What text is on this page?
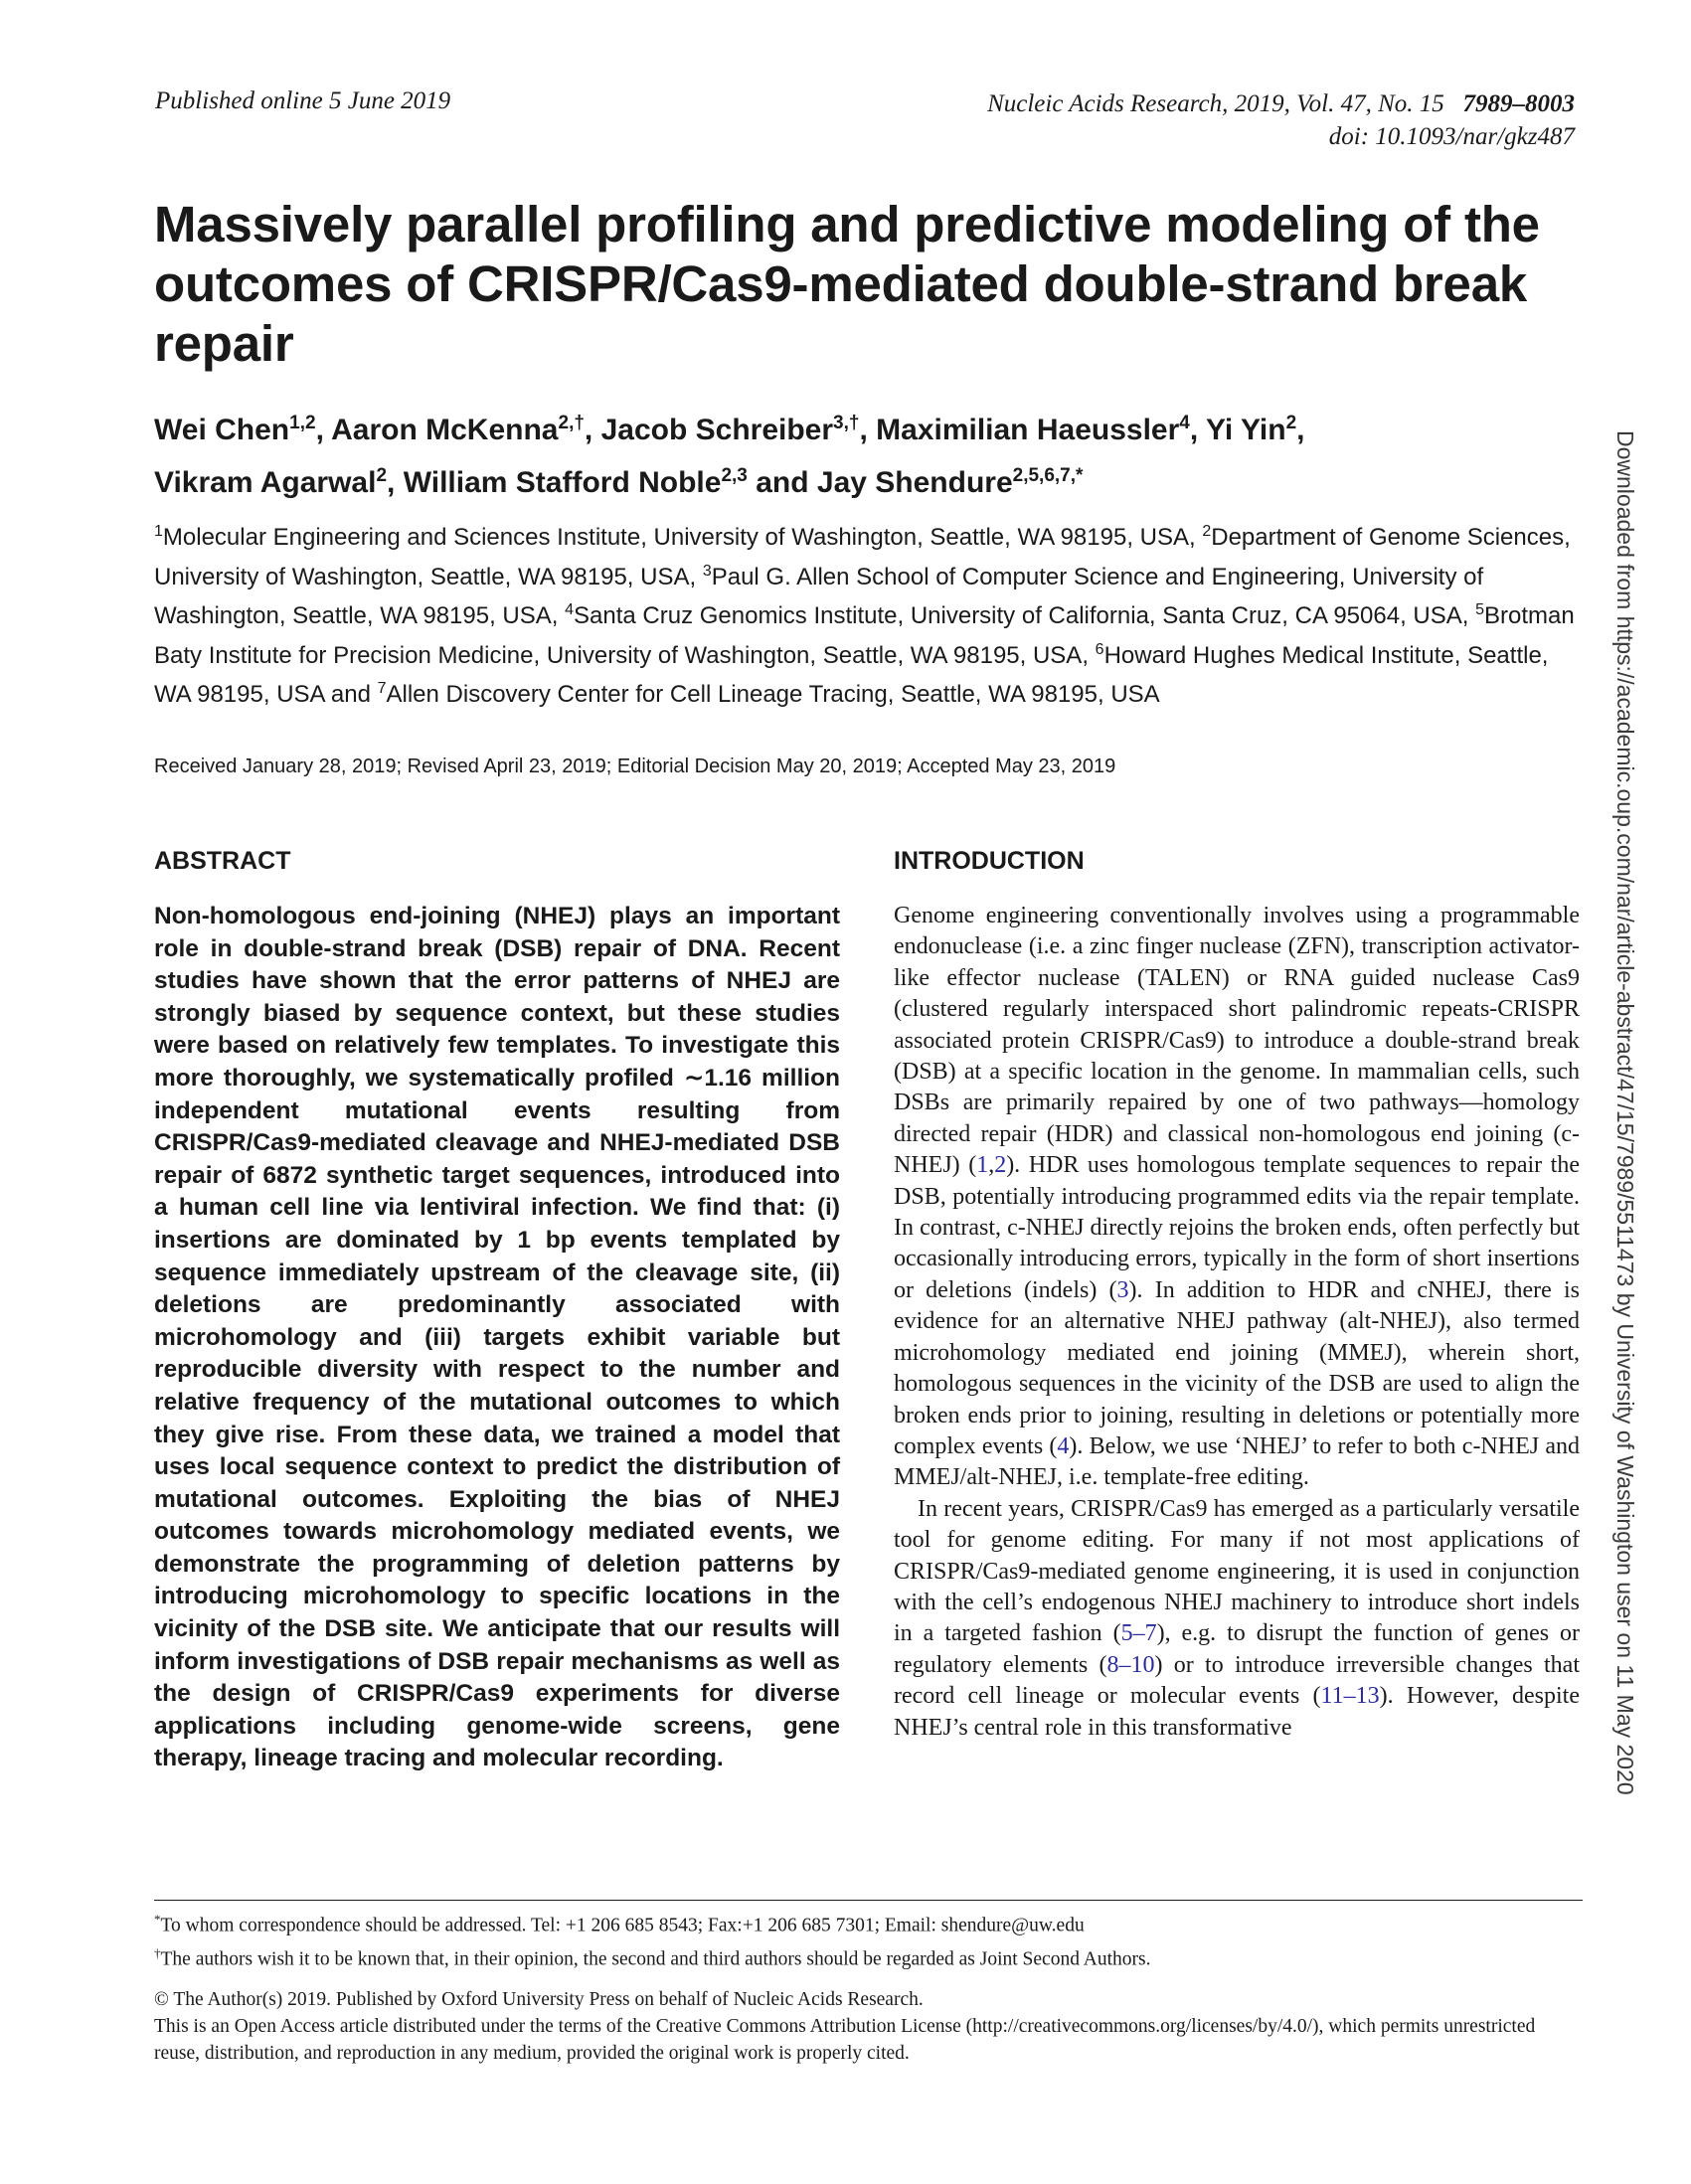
Published online 5 June 2019	Nucleic Acids Research, 2019, Vol. 47, No. 15 7989–8003
doi: 10.1093/nar/gkz487
Massively parallel profiling and predictive modeling of the outcomes of CRISPR/Cas9-mediated double-strand break repair
Wei Chen$^{1,2}$, Aaron McKenna$^{2,\dagger}$, Jacob Schreiber$^{3,\dagger}$, Maximilian Haeussler$^4$, Yi Yin$^2$,
Vikram Agarwal$^2$, William Stafford Noble$^{2,3}$ and Jay Shendure$^{2,5,6,7,*}$
$^1$Molecular Engineering and Sciences Institute, University of Washington, Seattle, WA 98195, USA, $^2$Department of Genome Sciences, University of Washington, Seattle, WA 98195, USA, $^3$Paul G. Allen School of Computer Science and Engineering, University of Washington, Seattle, WA 98195, USA, $^4$Santa Cruz Genomics Institute, University of California, Santa Cruz, CA 95064, USA, $^5$Brotman Baty Institute for Precision Medicine, University of Washington, Seattle, WA 98195, USA, $^6$Howard Hughes Medical Institute, Seattle, WA 98195, USA and $^7$Allen Discovery Center for Cell Lineage Tracing, Seattle, WA 98195, USA
Received January 28, 2019; Revised April 23, 2019; Editorial Decision May 20, 2019; Accepted May 23, 2019
ABSTRACT
Non-homologous end-joining (NHEJ) plays an important role in double-strand break (DSB) repair of DNA. Recent studies have shown that the error patterns of NHEJ are strongly biased by sequence context, but these studies were based on relatively few templates. To investigate this more thoroughly, we systematically profiled ∼1.16 million independent mutational events resulting from CRISPR/Cas9-mediated cleavage and NHEJ-mediated DSB repair of 6872 synthetic target sequences, introduced into a human cell line via lentiviral infection. We find that: (i) insertions are dominated by 1 bp events templated by sequence immediately upstream of the cleavage site, (ii) deletions are predominantly associated with microhomology and (iii) targets exhibit variable but reproducible diversity with respect to the number and relative frequency of the mutational outcomes to which they give rise. From these data, we trained a model that uses local sequence context to predict the distribution of mutational outcomes. Exploiting the bias of NHEJ outcomes towards microhomology mediated events, we demonstrate the programming of deletion patterns by introducing microhomology to specific locations in the vicinity of the DSB site. We anticipate that our results will inform investigations of DSB repair mechanisms as well as the design of CRISPR/Cas9 experiments for diverse applications including genome-wide screens, gene therapy, lineage tracing and molecular recording.
INTRODUCTION

Genome engineering conventionally involves using a programmable endonuclease (i.e. a zinc finger nuclease (ZFN), transcription activator-like effector nuclease (TALEN) or RNA guided nuclease Cas9 (clustered regularly interspaced short palindromic repeats-CRISPR associated protein CRISPR/Cas9) to introduce a double-strand break (DSB) at a specific location in the genome. In mammalian cells, such DSBs are primarily repaired by one of two pathways—homology directed repair (HDR) and classical non-homologous end joining (c-NHEJ) (1,2). HDR uses homologous template sequences to repair the DSB, potentially introducing programmed edits via the repair template. In contrast, c-NHEJ directly rejoins the broken ends, often perfectly but occasionally introducing errors, typically in the form of short insertions or deletions (indels) (3). In addition to HDR and cNHEJ, there is evidence for an alternative NHEJ pathway (alt-NHEJ), also termed microhomology mediated end joining (MMEJ), wherein short, homologous sequences in the vicinity of the DSB are used to align the broken ends prior to joining, resulting in deletions or potentially more complex events (4). Below, we use ‘NHEJ’ to refer to both c-NHEJ and MMEJ/alt-NHEJ, i.e. template-free editing.

In recent years, CRISPR/Cas9 has emerged as a particularly versatile tool for genome editing. For many if not most applications of CRISPR/Cas9-mediated genome engineering, it is used in conjunction with the cell’s endogenous NHEJ machinery to introduce short indels in a targeted fashion (5–7), e.g. to disrupt the function of genes or regulatory elements (8–10) or to introduce irreversible changes that record cell lineage or molecular events (11–13). However, despite NHEJ’s central role in this transformative

*To whom correspondence should be addressed. Tel: +1 206 685 8543; Fax:+1 206 685 7301; Email: shendure@uw.edu
†The authors wish it to be known that, in their opinion, the second and third authors should be regarded as Joint Second Authors.
© The Author(s) 2019. Published by Oxford University Press on behalf of Nucleic Acids Research.
This is an Open Access article distributed under the terms of the Creative Commons Attribution License (http://creativecommons.org/licenses/by/4.0/), which permits unrestricted reuse, distribution, and reproduction in any medium, provided the original work is properly cited.
Downloaded from https://academic.oup.com/nar/article-abstract/47/15/7989/5511473 by University of Washington user on 11 May 2020
